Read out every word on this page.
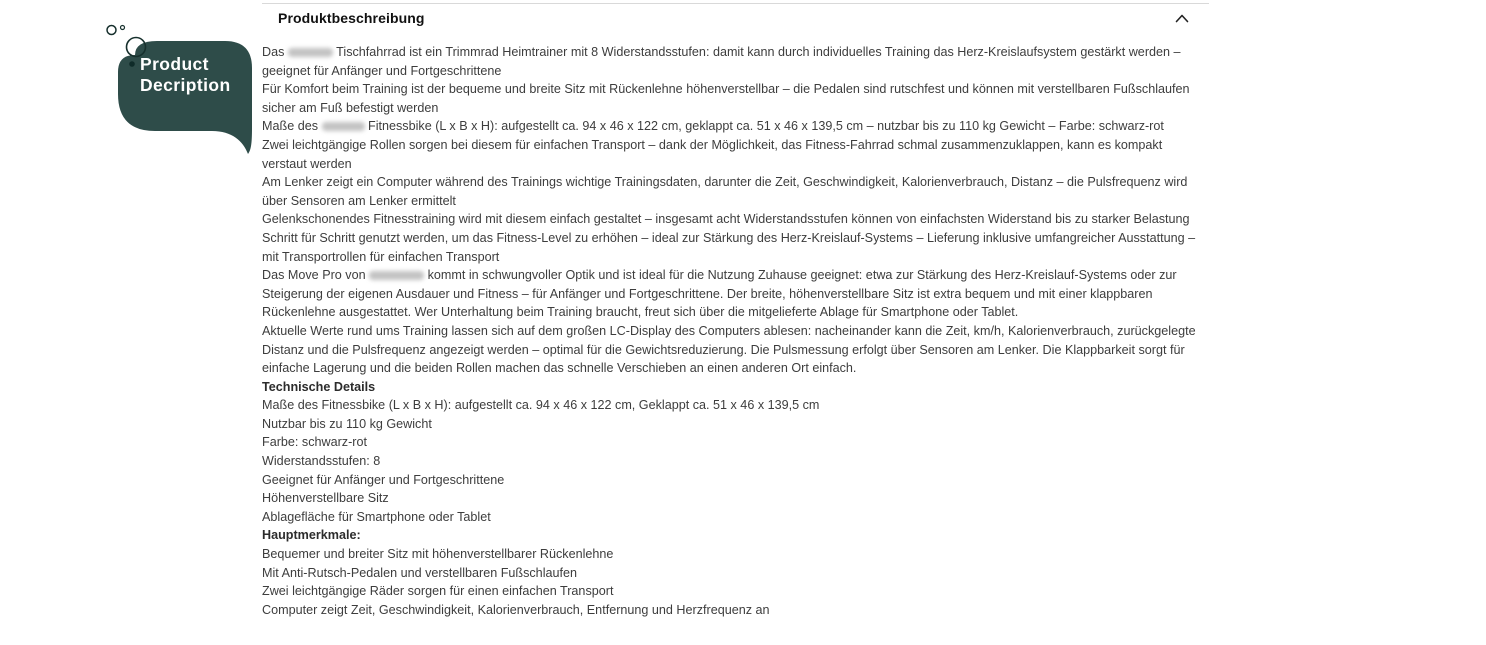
Product
Decription
Produktbeschreibung
Das	Tischfahrrad ist ein Trimmrad Heimtrainer mit 8 Widerstandsstufen: damit kann durch individuelles Training das Herz-Kreislaufsystem gestärkt werden – geeignet für Anfänger und Fortgeschrittene
Für Komfort beim Training ist der bequeme und breite Sitz mit Rückenlehne höhenverstellbar – die Pedalen sind rutschfest und können mit verstellbaren Fußschlaufen sicher am Fuß befestigt werden
Maße des	Fitnessbike (L x B x H): aufgestellt ca. 94 x 46 x 122 cm, geklappt ca. 51 x 46 x 139,5 cm – nutzbar bis zu 110 kg Gewicht – Farbe: schwarz-rot
Zwei leichtgängige Rollen sorgen bei diesem für einfachen Transport – dank der Möglichkeit, das Fitness-Fahrrad schmal zusammenzuklappen, kann es kompakt verstaut werden
Am Lenker zeigt ein Computer während des Trainings wichtige Trainingsdaten, darunter die Zeit, Geschwindigkeit, Kalorienverbrauch, Distanz – die Pulsfrequenz wird über Sensoren am Lenker ermittelt
Gelenkschonendes Fitnesstraining wird mit diesem einfach gestaltet – insgesamt acht Widerstandsstufen können von einfachsten Widerstand bis zu starker Belastung Schritt für Schritt genutzt werden, um das Fitness-Level zu erhöhen – ideal zur Stärkung des Herz-Kreislauf-Systems – Lieferung inklusive umfangreicher Ausstattung – mit Transportrollen für einfachen Transport
Das Move Pro von	kommt in schwungvoller Optik und ist ideal für die Nutzung Zuhause geeignet: etwa zur Stärkung des Herz-Kreislauf-Systems oder zur Steigerung der eigenen Ausdauer und Fitness – für Anfänger und Fortgeschrittene. Der breite, höhenverstellbare Sitz ist extra bequem und mit einer klappbaren Rückenlehne ausgestattet. Wer Unterhaltung beim Training braucht, freut sich über die mitgelieferte Ablage für Smartphone oder Tablet.
Aktuelle Werte rund ums Training lassen sich auf dem großen LC-Display des Computers ablesen: nacheinander kann die Zeit, km/h, Kalorienverbrauch, zurückgelegte Distanz und die Pulsfrequenz angezeigt werden – optimal für die Gewichtsreduzierung. Die Pulsmessung erfolgt über Sensoren am Lenker. Die Klappbarkeit sorgt für einfache Lagerung und die beiden Rollen machen das schnelle Verschieben an einen anderen Ort einfach.
Technische Details
Maße des Fitnessbike (L x B x H): aufgestellt ca. 94 x 46 x 122 cm, Geklappt ca. 51 x 46 x 139,5 cm
Nutzbar bis zu 110 kg Gewicht
Farbe: schwarz-rot
Widerstandsstufen: 8
Geeignet für Anfänger und Fortgeschrittene
Höhenverstellbare Sitz
Ablagefläche für Smartphone oder Tablet
Hauptmerkmale:
Bequemer und breiter Sitz mit höhenverstellbarer Rückenlehne
Mit Anti-Rutsch-Pedalen und verstellbaren Fußschlaufen
Zwei leichtgängige Räder sorgen für einen einfachen Transport
Computer zeigt Zeit, Geschwindigkeit, Kalorienverbrauch, Entfernung und Herzfrequenz an
